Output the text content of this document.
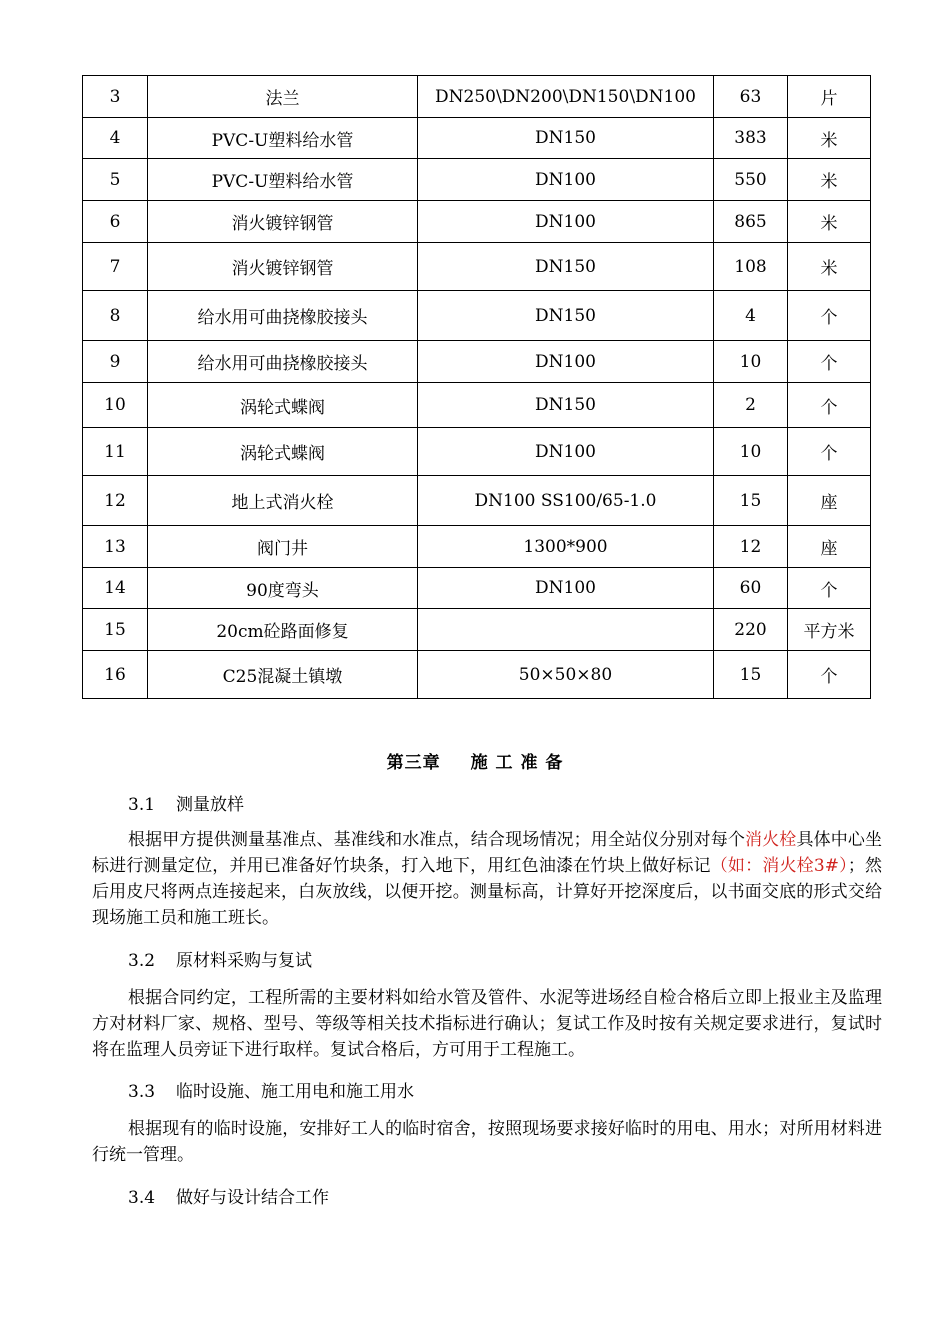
3	法兰	DN250\DN200\DN150\DN100	63	片
4	PVC-U塑料给水管	DN150	383	米
5	PVC-U塑料给水管	DN100	550	米
6	消火镀锌钢管	DN100	865	米
7	消火镀锌钢管	DN150	108	米
8	给水用可曲挠橡胶接头	DN150	4	个
9	给水用可曲挠橡胶接头	DN100	10	个
10	涡轮式蝶阀	DN150	2	个
11	涡轮式蝶阀	DN100	10	个
12	地上式消火栓	DN100 SS100/65-1.0	15	座
13	阀门井	1300*900	12	座
14	90度弯头	DN100	60	个
15	20cm砼路面修复		220	平方米
16	C25混凝土镇墩	50×50×80	15	个
第三章 施 工 准 备
3.1 测量放样

根据甲方提供测量基准点、基准线和水准点，结合现场情况；用全站仪分别对每个消火栓具体中心坐标进行测量定位，并用已准备好竹块条，打入地下，用红色油漆在竹块上做好标记（如：消火栓3#）；然后用皮尺将两点连接起来，白灰放线，以便开挖。测量标高，计算好开挖深度后，以书面交底的形式交给现场施工员和施工班长。

3.2 原材料采购与复试

根据合同约定，工程所需的主要材料如给水管及管件、水泥等进场经自检合格后立即上报业主及监理方对材料厂家、规格、型号、等级等相关技术指标进行确认；复试工作及时按有关规定要求进行，复试时将在监理人员旁证下进行取样。复试合格后，方可用于工程施工。

3.3 临时设施、施工用电和施工用水

根据现有的临时设施，安排好工人的临时宿舍，按照现场要求接好临时的用电、用水；对所用材料进行统一管理。

3.4 做好与设计结合工作
